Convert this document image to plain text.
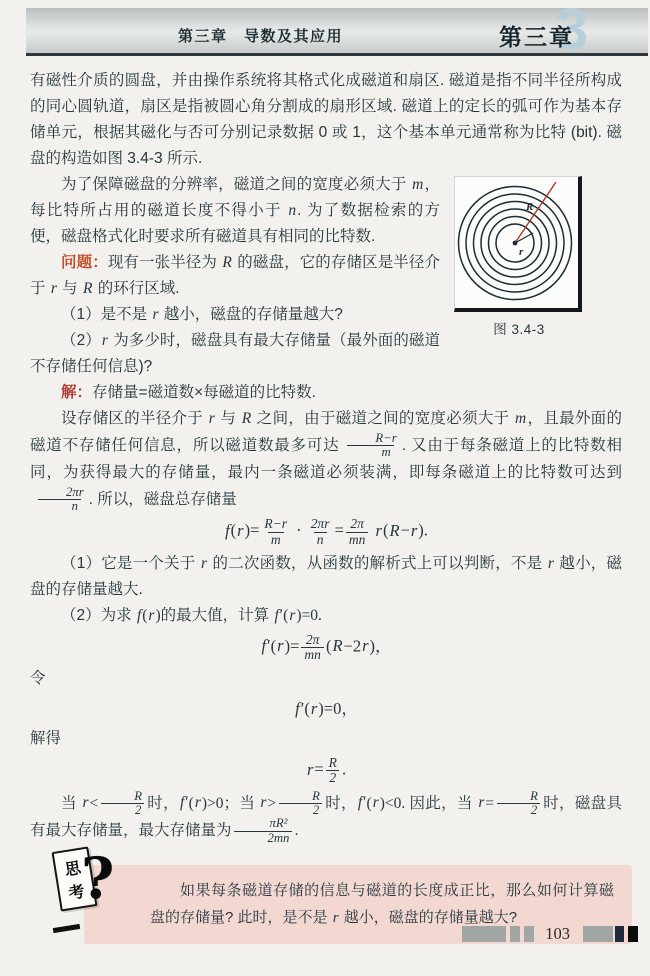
第三章　导数及其应用	3
第三章
有磁性介质的圆盘，并由操作系统将其格式化成磁道和扇区. 磁道是指不同半径所构成的同心圆轨道，扇区是指被圆心角分割成的扇形区域. 磁道上的定长的弧可作为基本存储单元，根据其磁化与否可分别记录数据 0 或 1，这个基本单元通常称为比特 (bit). 磁盘的构造如图 3.4-3 所示.
R
r
图 3.4-3
为了保障磁盘的分辨率，磁道之间的宽度必须大于 m，每比特所占用的磁道长度不得小于 n. 为了数据检索的方便，磁盘格式化时要求所有磁道具有相同的比特数.
问题：现有一张半径为 R 的磁盘，它的存储区是半径介于 r 与 R 的环行区域.
（1）是不是 r 越小，磁盘的存储量越大?
（2）r 为多少时，磁盘具有最大存储量（最外面的磁道不存储任何信息)?
解：存储量=磁道数×每磁道的比特数.
设存储区的半径介于 r 与 R 之间，由于磁道之间的宽度必须大于 m，且最外面的磁道不存储任何信息，所以磁道数最多可达 $\frac{R-r}{m}$ . 又由于每条磁道上的比特数相同，为获得最大的存储量，最内一条磁道必须装满，即每条磁道上的比特数可达到
$\frac{2\pi r}{n}$ . 所以，磁盘总存储量
$f(r)= \frac{R-r}{m} \cdot \frac{2\pi r}{n} = \frac{2\pi}{mn} r(R-r)$.
（1）它是一个关于 r 的二次函数，从函数的解析式上可以判断，不是 r 越小，磁盘的存储量越大.
（2）为求 f(r)的最大值，计算 f′(r)=0.
$f'(r)= \frac{2\pi}{mn} (R-2r)$，
令
f′(r)=0，
解得
$r= \frac{R}{2}$ .
当 $r< \frac{R}{2}$ 时，f′(r)>0；当 $r> \frac{R}{2}$ 时，f′(r)<0. 因此，当 $r= \frac{R}{2}$ 时，磁盘具有最大存储量，最大存储量为 $\frac{\text{πR²}}{2mn}$ .
思
考
?	如果每条磁道存储的信息与磁道的长度成正比，那么如何计算磁盘的存储量? 此时，是不是 r 越小，磁盘的存储量越大?
103
